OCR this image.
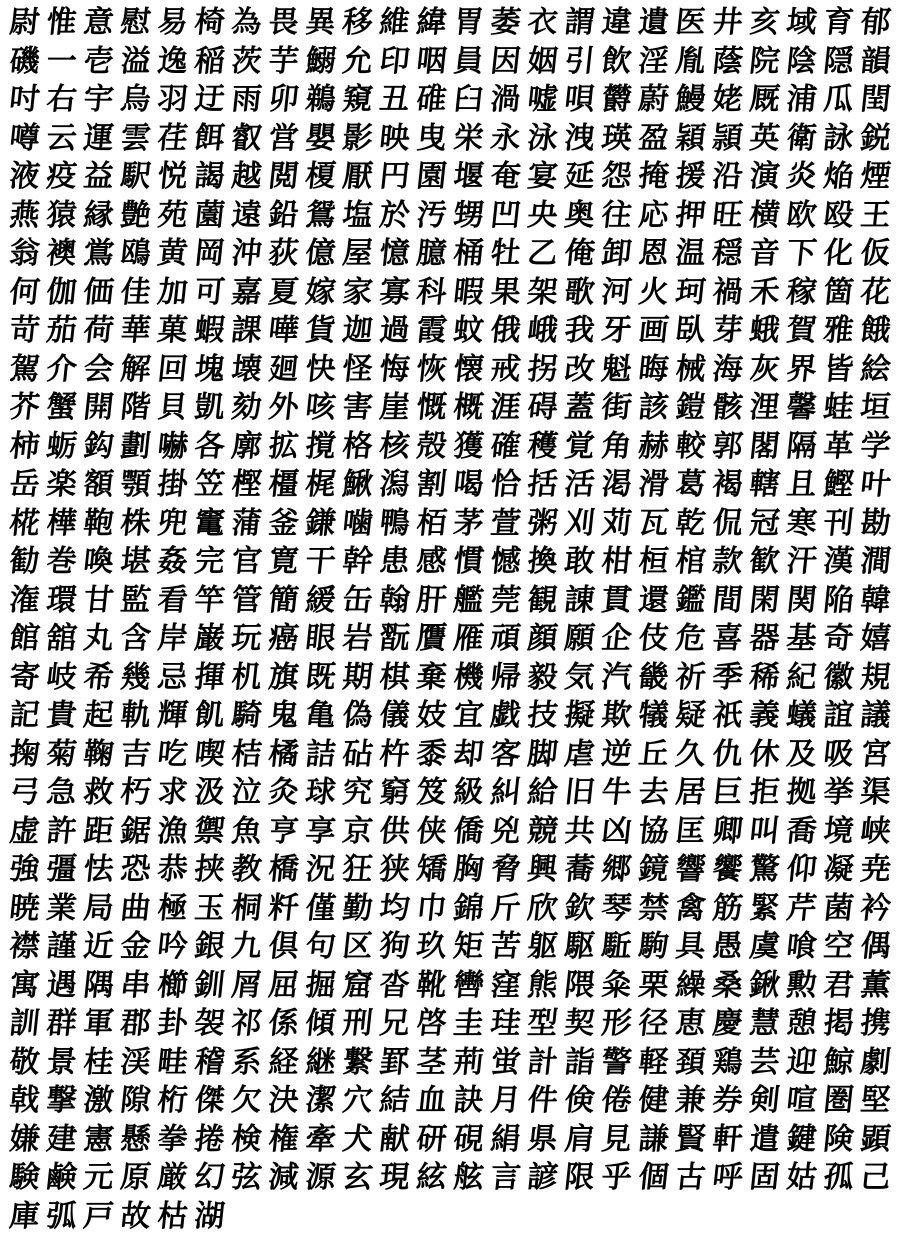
尉 惟 意 慰 易 椅 為 畏 異 移 維 緯 胃 萎 衣 謂 違 遺 医 井 亥 域 育 郁
磯 一 壱 溢 逸 稲 茨 芋 鰯 允 印 咽 員 因 姻 引 飲 淫 胤 蔭 院 陰 隠 韻
吋 右 宇 烏 羽 迂 雨 卯 鵜 窺 丑 碓 臼 渦 嘘 唄 欝 蔚 鰻 姥 厩 浦 瓜 閏
噂 云 運 雲 荏 餌 叡 営 嬰 影 映 曳 栄 永 泳 洩 瑛 盈 穎 頴 英 衛 詠 鋭
液 疫 益 駅 悦 謁 越 閲 榎 厭 円 園 堰 奄 宴 延 怨 掩 援 沿 演 炎 焔 煙
燕 猿 縁 艶 苑 薗 遠 鉛 鴛 塩 於 汚 甥 凹 央 奥 往 応 押 旺 横 欧 殴 王
翁 襖 鴬 鴎 黄 岡 沖 荻 億 屋 憶 臆 桶 牡 乙 俺 卸 恩 温 穏 音 下 化 仮
何 伽 価 佳 加 可 嘉 夏 嫁 家 寡 科 暇 果 架 歌 河 火 珂 禍 禾 稼 箇 花
苛 茄 荷 華 菓 蝦 課 嘩 貨 迦 過 霞 蚊 俄 峨 我 牙 画 臥 芽 蛾 賀 雅 餓
駕 介 会 解 回 塊 壊 廻 快 怪 悔 恢 懐 戒 拐 改 魁 晦 械 海 灰 界 皆 絵
芥 蟹 開 階 貝 凱 劾 外 咳 害 崖 慨 概 涯 碍 蓋 街 該 鎧 骸 浬 馨 蛙 垣
柿 蛎 鈎 劃 嚇 各 廓 拡 撹 格 核 殻 獲 確 穫 覚 角 赫 較 郭 閣 隔 革 学
岳 楽 額 顎 掛 笠 樫 橿 梶 鰍 潟 割 喝 恰 括 活 渇 滑 葛 褐 轄 且 鰹 叶
椛 樺 鞄 株 兜 竃 蒲 釜 鎌 噛 鴨 栢 茅 萱 粥 刈 苅 瓦 乾 侃 冠 寒 刊 勘
勧 巻 喚 堪 姦 完 官 寛 干 幹 患 感 慣 憾 換 敢 柑 桓 棺 款 歓 汗 漢 澗
潅 環 甘 監 看 竿 管 簡 緩 缶 翰 肝 艦 莞 観 諌 貫 還 鑑 間 閑 関 陥 韓
館 舘 丸 含 岸 巌 玩 癌 眼 岩 翫 贋 雁 頑 顔 願 企 伎 危 喜 器 基 奇 嬉
寄 岐 希 幾 忌 揮 机 旗 既 期 棋 棄 機 帰 毅 気 汽 畿 祈 季 稀 紀 徽 規
記 貴 起 軌 輝 飢 騎 鬼 亀 偽 儀 妓 宜 戯 技 擬 欺 犠 疑 祇 義 蟻 誼 議
掬 菊 鞠 吉 吃 喫 桔 橘 詰 砧 杵 黍 却 客 脚 虐 逆 丘 久 仇 休 及 吸 宮
弓 急 救 朽 求 汲 泣 灸 球 究 窮 笈 級 糾 給 旧 牛 去 居 巨 拒 拠 挙 渠
虚 許 距 鋸 漁 禦 魚 亨 享 京 供 侠 僑 兇 競 共 凶 協 匡 卿 叫 喬 境 峡
強 彊 怯 恐 恭 挟 教 橋 況 狂 狭 矯 胸 脅 興 蕎 郷 鏡 響 饗 驚 仰 凝 尭
暁 業 局 曲 極 玉 桐 粁 僅 勤 均 巾 錦 斤 欣 欽 琴 禁 禽 筋 緊 芹 菌 衿
襟 謹 近 金 吟 銀 九 倶 句 区 狗 玖 矩 苦 躯 駆 駈 駒 具 愚 虞 喰 空 偶
寓 遇 隅 串 櫛 釧 屑 屈 掘 窟 沓 靴 轡 窪 熊 隈 粂 栗 繰 桑 鍬 勲 君 薫
訓 群 軍 郡 卦 袈 祁 係 傾 刑 兄 啓 圭 珪 型 契 形 径 恵 慶 慧 憩 掲 携
敬 景 桂 渓 畦 稽 系 経 継 繋 罫 茎 荊 蛍 計 詣 警 軽 頚 鶏 芸 迎 鯨 劇
戟 撃 激 隙 桁 傑 欠 決 潔 穴 結 血 訣 月 件 倹 倦 健 兼 券 剣 喧 圏 堅
嫌 建 憲 懸 拳 捲 検 権 牽 犬 献 研 硯 絹 県 肩 見 謙 賢 軒 遣 鍵 険 顕
験 鹸 元 原 厳 幻 弦 減 源 玄 現 絃 舷 言 諺 限 乎 個 古 呼 固 姑 孤 己
庫 弧 戸 故 枯 湖
